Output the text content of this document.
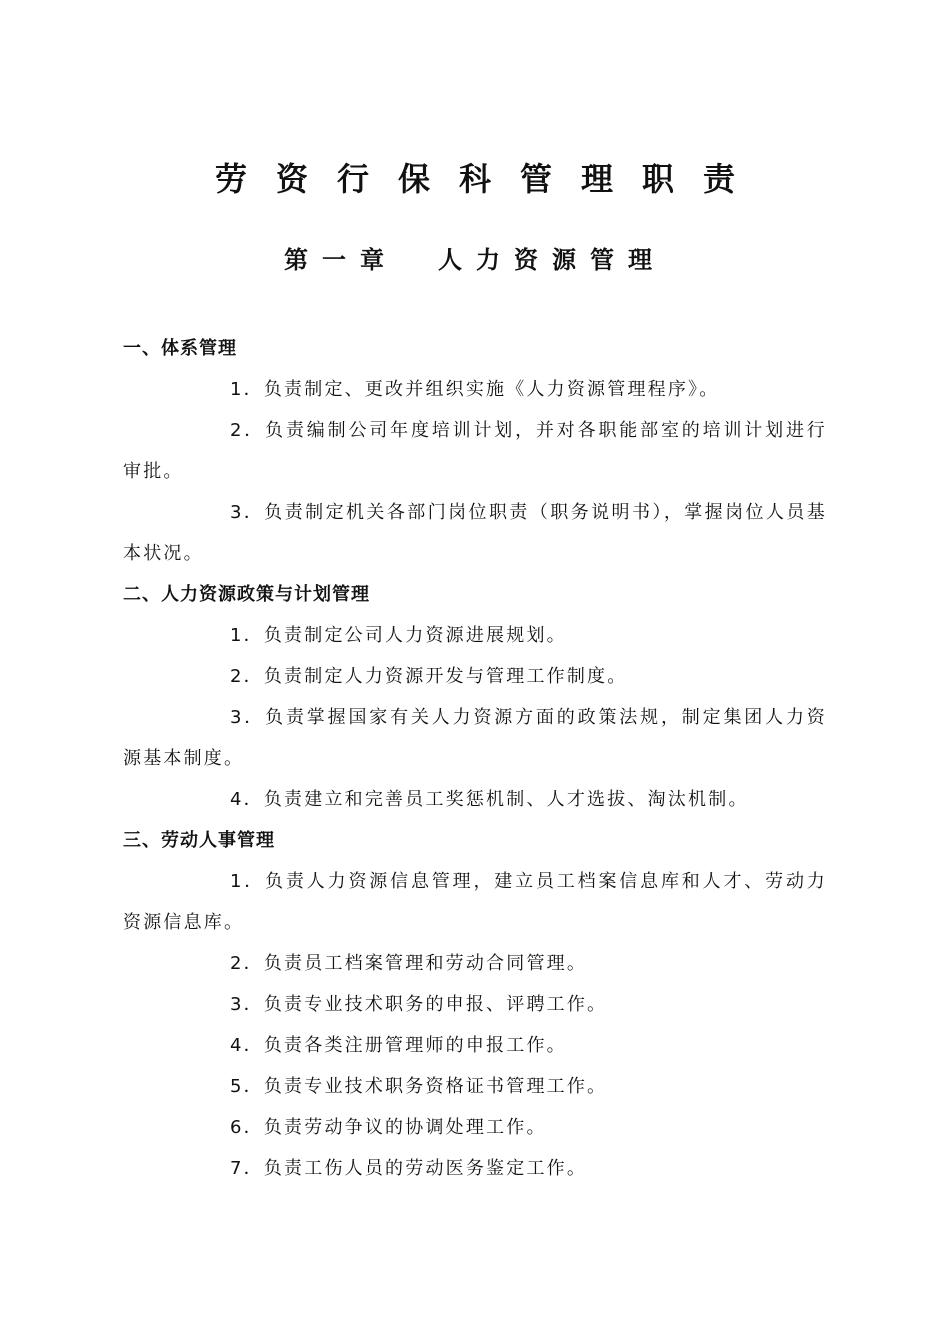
劳资行保科管理职责
第一章 人力资源管理
一、体系管理
1．负责制定、更改并组织实施《人力资源管理程序》。
2．负责编制公司年度培训计划，并对各职能部室的培训计划进行审批。
3．负责制定机关各部门岗位职责（职务说明书），掌握岗位人员基本状况。
二、人力资源政策与计划管理
1．负责制定公司人力资源进展规划。
2．负责制定人力资源开发与管理工作制度。
3．负责掌握国家有关人力资源方面的政策法规，制定集团人力资源基本制度。
4．负责建立和完善员工奖惩机制、人才选拔、淘汰机制。
三、劳动人事管理
1．负责人力资源信息管理，建立员工档案信息库和人才、劳动力资源信息库。
2．负责员工档案管理和劳动合同管理。
3．负责专业技术职务的申报、评聘工作。
4．负责各类注册管理师的申报工作。
5．负责专业技术职务资格证书管理工作。
6．负责劳动争议的协调处理工作。
7．负责工伤人员的劳动医务鉴定工作。
